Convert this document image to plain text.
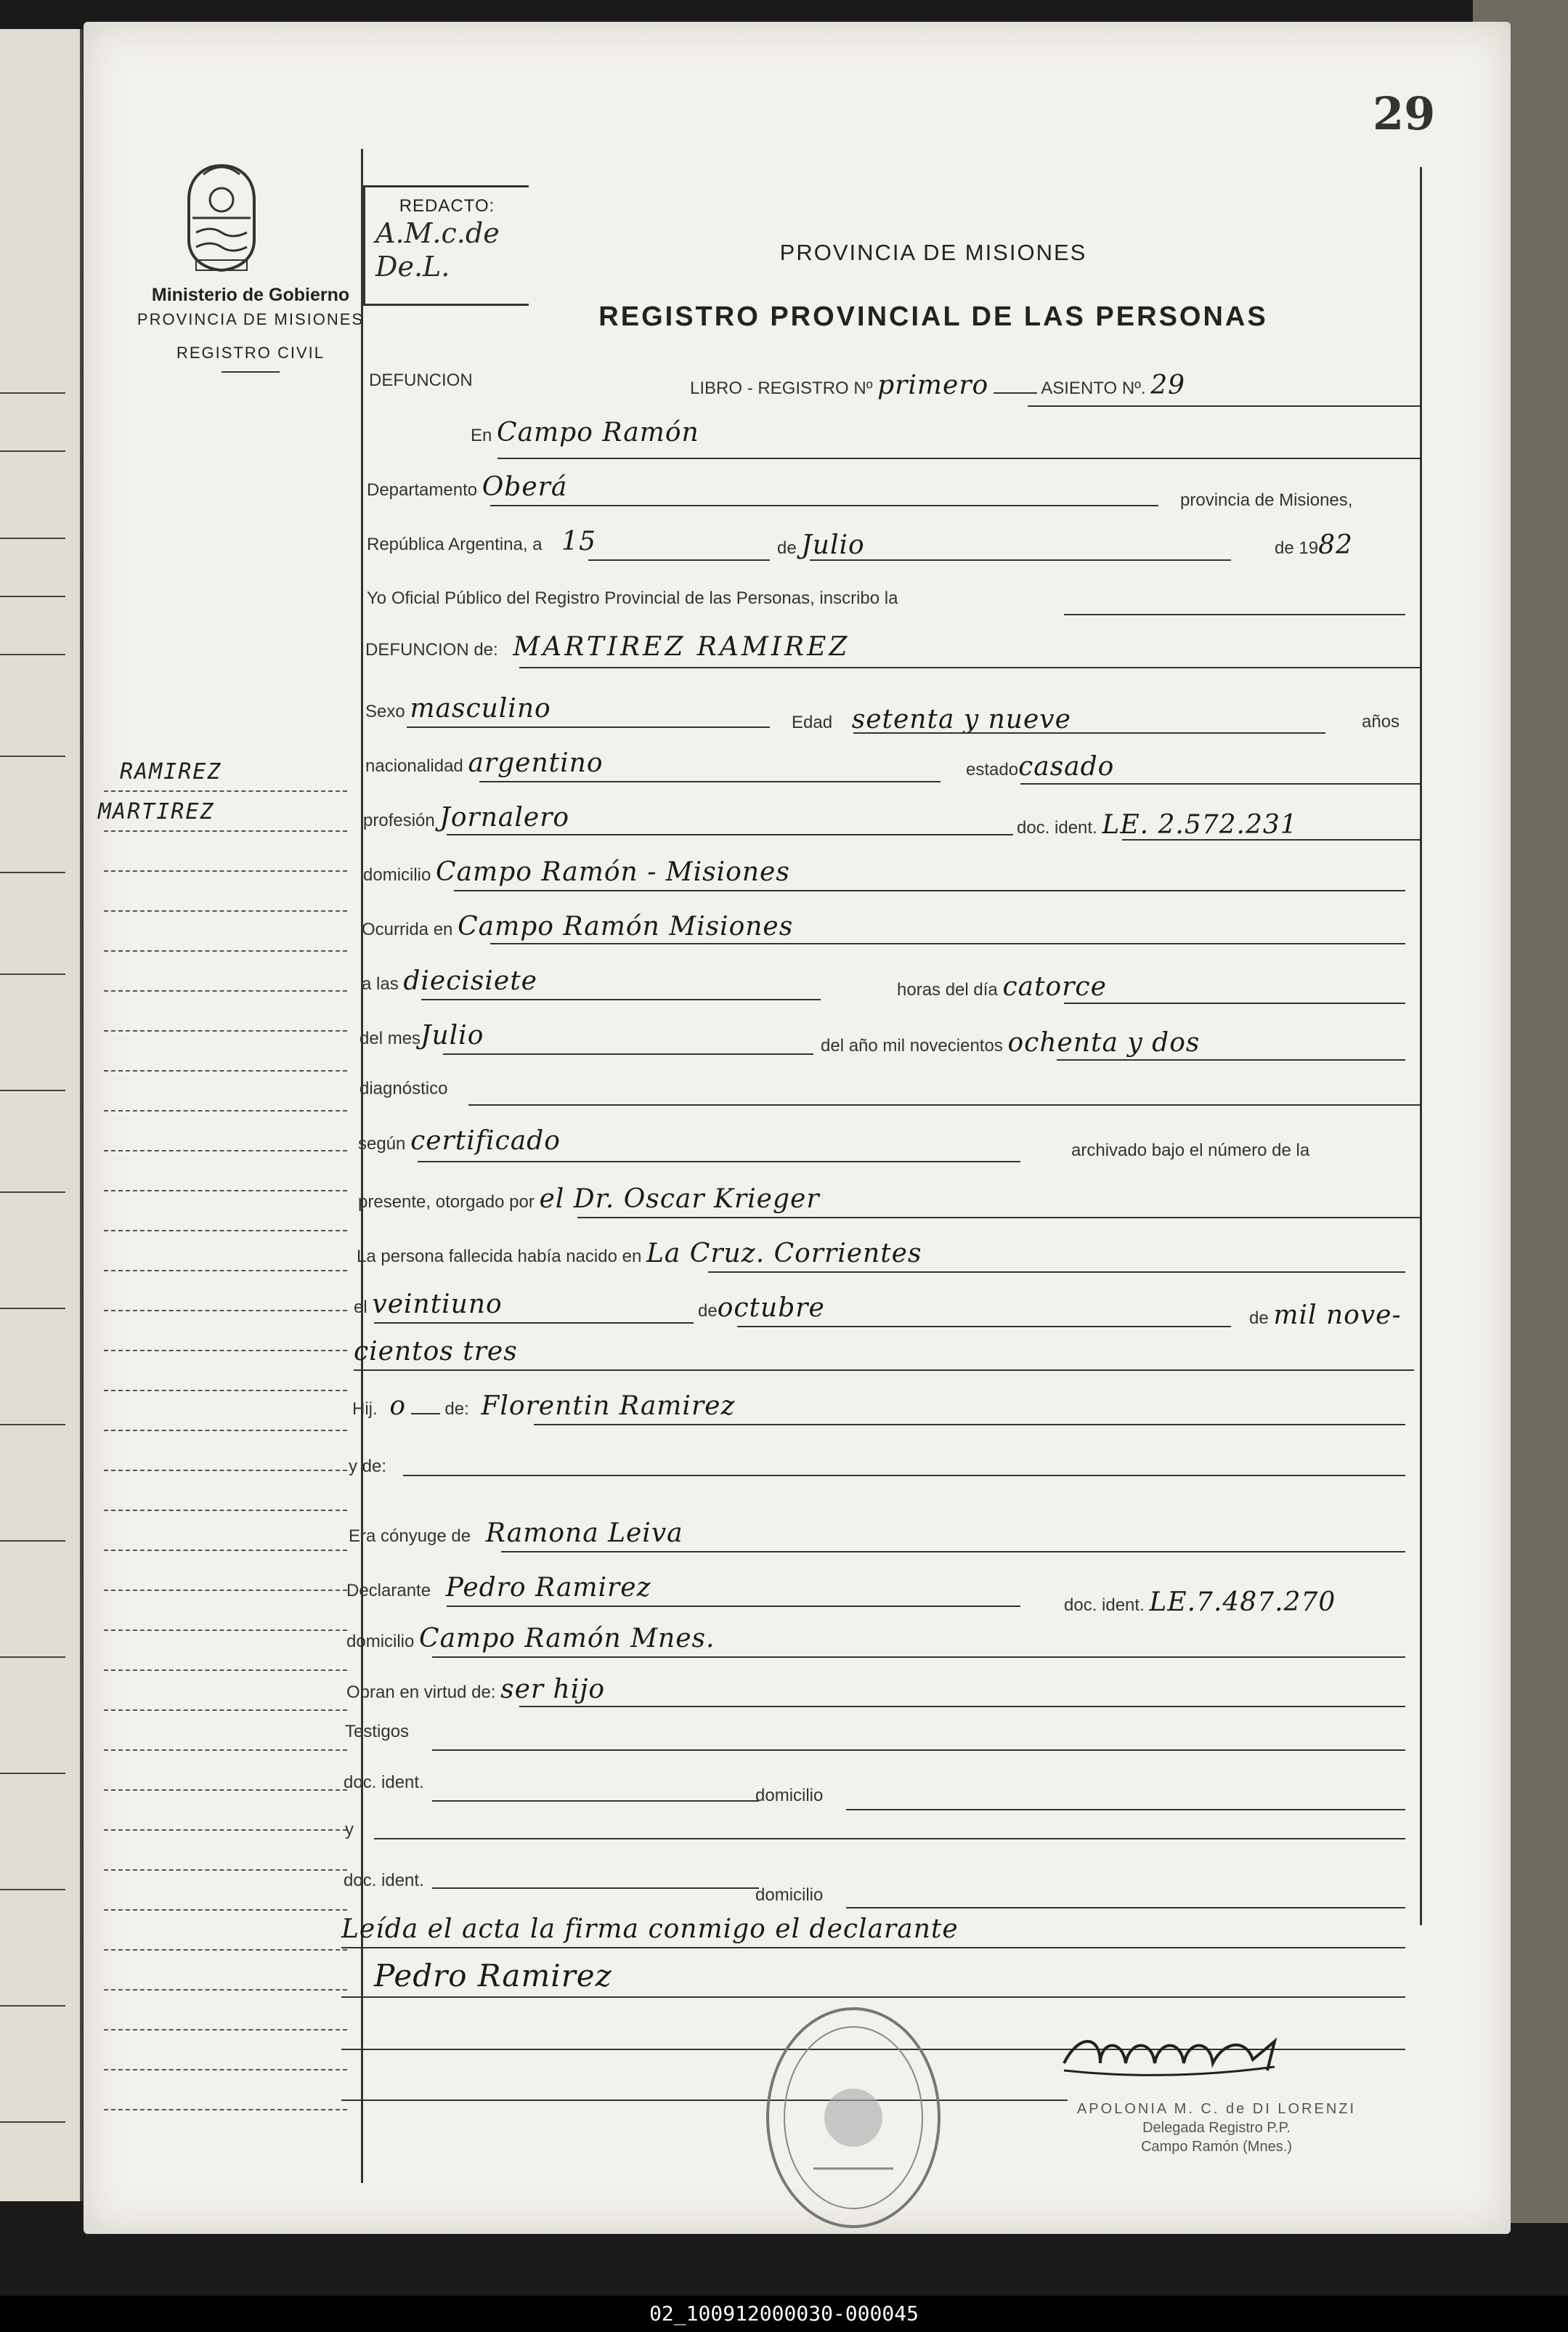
29
Ministerio de Gobierno
PROVINCIA DE MISIONES
REGISTRO CIVIL
REDACTO:
A.M.c.de
De.L.	PROVINCIA DE MISIONES
REGISTRO PROVINCIAL DE LAS PERSONAS
RAMIREZ
MARTIREZ
DEFUNCION	LIBRO - REGISTRO Nº primero	ASIENTO Nº. 29
En Campo Ramón
Departamento Oberá	provincia de Misiones,
República Argentina, a 15	de Julio	de 1982
Yo Oficial Público del Registro Provincial de las Personas, inscribo la
DEFUNCION de: MARTIREZ RAMIREZ
Sexo masculino	Edad setenta y nueve	años
nacionalidad argentino	estadocasado
profesión Jornalero	doc. ident. LE. 2.572.231
domicilio Campo Ramón - Misiones
Ocurrida en Campo Ramón Misiones
a las diecisiete	horas del día catorce
del mesJulio	del año mil novecientos ochenta y dos
diagnóstico
según certificado	archivado bajo el número de la
presente, otorgado por el Dr. Oscar Krieger
La persona fallecida había nacido en La Cruz. Corrientes
el veintiuno	deoctubre	de mil nove-
cientos tres
Hij. o de: Florentin Ramirez
y de:
Era cónyuge de Ramona Leiva
Declarante Pedro Ramirez
doc. ident. LE.7.487.270
domicilio Campo Ramón Mnes.
Obran en virtud de: ser hijo
Testigos
doc. ident.
domicilio
y
doc. ident.
domicilio
Leída el acta la firma conmigo el declarante
Pedro Ramirez
APOLONIA M. C. de DI LORENZI
Delegada Registro P.P.
Campo Ramón (Mnes.)
02_100912000030-000045
